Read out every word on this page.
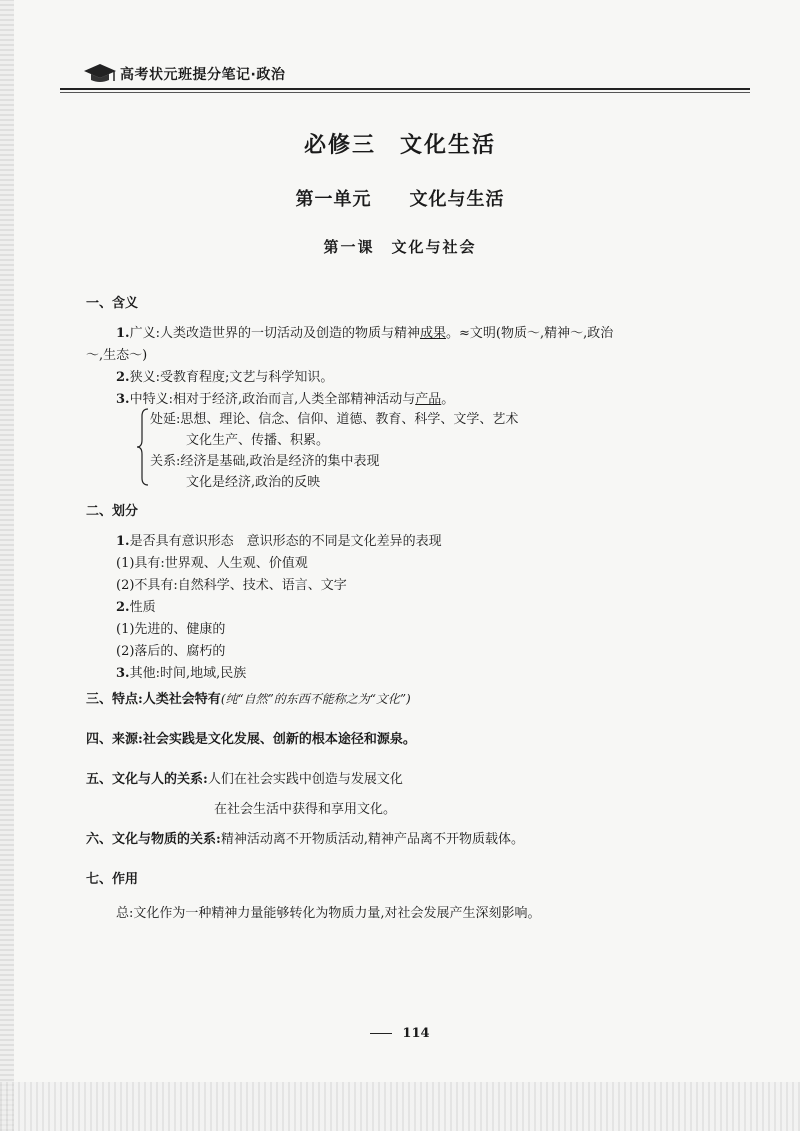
高考状元班提分笔记·政治
必修三　文化生活
第一单元　　文化与生活
第一课　文化与社会
一、含义
1.广义:人类改造世界的一切活动及创造的物质与精神成果。≈文明(物质～,精神～,政治
～,生态～)
2.狭义:受教育程度;文艺与科学知识。
3.中特义:相对于经济,政治而言,人类全部精神活动与产品。
处延:思想、理论、信念、信仰、道德、教育、科学、文学、艺术
文化生产、传播、积累。
关系:经济是基础,政治是经济的集中表现
文化是经济,政治的反映
二、划分
1.是否具有意识形态　意识形态的不同是文化差异的表现
(1)具有:世界观、人生观、价值观
(2)不具有:自然科学、技术、语言、文字
2.性质
(1)先进的、健康的
(2)落后的、腐朽的
3.其他:时间,地域,民族
三、特点:人类社会特有(纯“自然”的东西不能称之为“文化”)
四、来源:社会实践是文化发展、创新的根本途径和源泉。
五、文化与人的关系:人们在社会实践中创造与发展文化
在社会生活中获得和享用文化。
六、文化与物质的关系:精神活动离不开物质活动,精神产品离不开物质载体。
七、作用
总:文化作为一种精神力量能够转化为物质力量,对社会发展产生深刻影响。
114
